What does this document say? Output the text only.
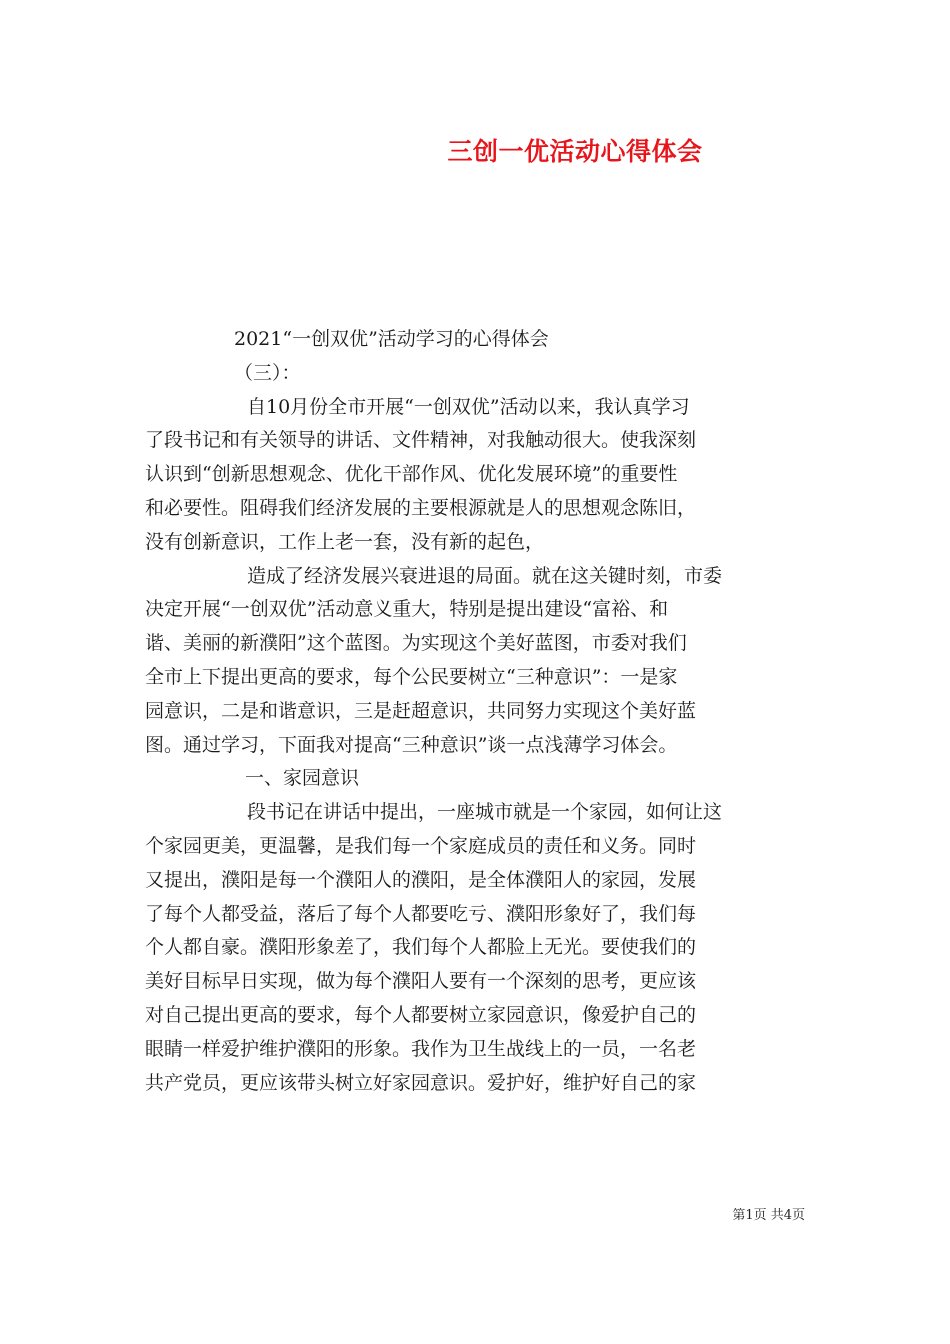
三创一优活动心得体会
2021“一创双优”活动学习的心得体会
（三）：
自10月份全市开展“一创双优”活动以来，我认真学习
了段书记和有关领导的讲话、文件精神，对我触动很大。使我深刻
认识到“创新思想观念、优化干部作风、优化发展环境”的重要性
和必要性。阻碍我们经济发展的主要根源就是人的思想观念陈旧，
没有创新意识，工作上老一套，没有新的起色，
造成了经济发展兴衰进退的局面。就在这关键时刻，市委
决定开展“一创双优”活动意义重大，特别是提出建设“富裕、和
谐、美丽的新濮阳”这个蓝图。为实现这个美好蓝图，市委对我们
全市上下提出更高的要求，每个公民要树立“三种意识”：一是家
园意识，二是和谐意识，三是赶超意识，共同努力实现这个美好蓝
图。通过学习，下面我对提高“三种意识”谈一点浅薄学习体会。
一、家园意识
段书记在讲话中提出，一座城市就是一个家园，如何让这
个家园更美，更温馨，是我们每一个家庭成员的责任和义务。同时
又提出，濮阳是每一个濮阳人的濮阳，是全体濮阳人的家园，发展
了每个人都受益，落后了每个人都要吃亏、濮阳形象好了，我们每
个人都自豪。濮阳形象差了，我们每个人都脸上无光。要使我们的
美好目标早日实现，做为每个濮阳人要有一个深刻的思考，更应该
对自己提出更高的要求，每个人都要树立家园意识，像爱护自己的
眼睛一样爱护维护濮阳的形象。我作为卫生战线上的一员，一名老
共产党员，更应该带头树立好家园意识。爱护好，维护好自己的家
第1页 共4页
